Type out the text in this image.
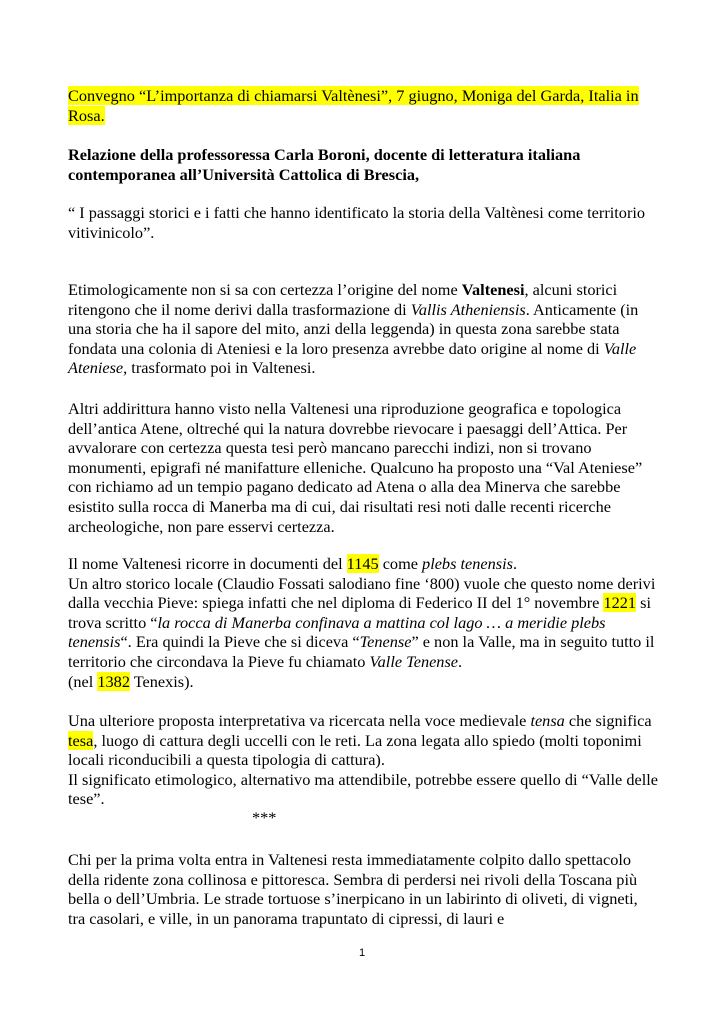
Convegno “L’importanza di chiamarsi Valtènesi”, 7 giugno, Moniga del Garda, Italia in Rosa.

Relazione della professoressa Carla Boroni, docente di letteratura italiana contemporanea all’Università Cattolica di Brescia,

“ I passaggi storici e i fatti che hanno identificato la storia della Valtènesi come territorio vitivinicolo”.

Etimologicamente non si sa con certezza l’origine del nome Valtenesi, alcuni storici ritengono che il nome derivi dalla trasformazione di Vallis Atheniensis. Anticamente (in una storia che ha il sapore del mito, anzi della leggenda) in questa zona sarebbe stata fondata una colonia di Ateniesi e la loro presenza avrebbe dato origine al nome di Valle Ateniese, trasformato poi in Valtenesi.

Altri addirittura hanno visto nella Valtenesi una riproduzione geografica e topologica dell’antica Atene, oltreché qui la natura dovrebbe rievocare i paesaggi dell’Attica. Per avvalorare con certezza questa tesi però mancano parecchi indizi, non si trovano monumenti, epigrafi né manifatture elleniche. Qualcuno ha proposto una “Val Ateniese” con richiamo ad un tempio pagano dedicato ad Atena o alla dea Minerva che sarebbe esistito sulla rocca di Manerba ma di cui, dai risultati resi noti dalle recenti ricerche archeologiche, non pare esservi certezza.

Il nome Valtenesi ricorre in documenti del 1145 come plebs tenensis.
Un altro storico locale (Claudio Fossati salodiano fine ‘800) vuole che questo nome derivi dalla vecchia Pieve: spiega infatti che nel diploma di Federico II del 1° novembre 1221 si trova scritto “la rocca di Manerba confinava a mattina col lago … a meridie plebs tenensis“. Era quindi la Pieve che si diceva “Tenense” e non la Valle, ma in seguito tutto il territorio che circondava la Pieve fu chiamato Valle Tenense.
(nel 1382 Tenexis).

Una ulteriore proposta interpretativa va ricercata nella voce medievale tensa che significa tesa, luogo di cattura degli uccelli con le reti. La zona legata allo spiedo (molti toponimi locali riconducibili a questa tipologia di cattura).
Il significato etimologico, alternativo ma attendibile, potrebbe essere quello di “Valle delle tese”.

***

Chi per la prima volta entra in Valtenesi resta immediatamente colpito dallo spettacolo della ridente zona collinosa e pittoresca. Sembra di perdersi nei rivoli della Toscana più bella o dell’Umbria. Le strade tortuose s’inerpicano in un labirinto di oliveti, di vigneti, tra casolari, e ville, in un panorama trapuntato di cipressi, di lauri e

1
